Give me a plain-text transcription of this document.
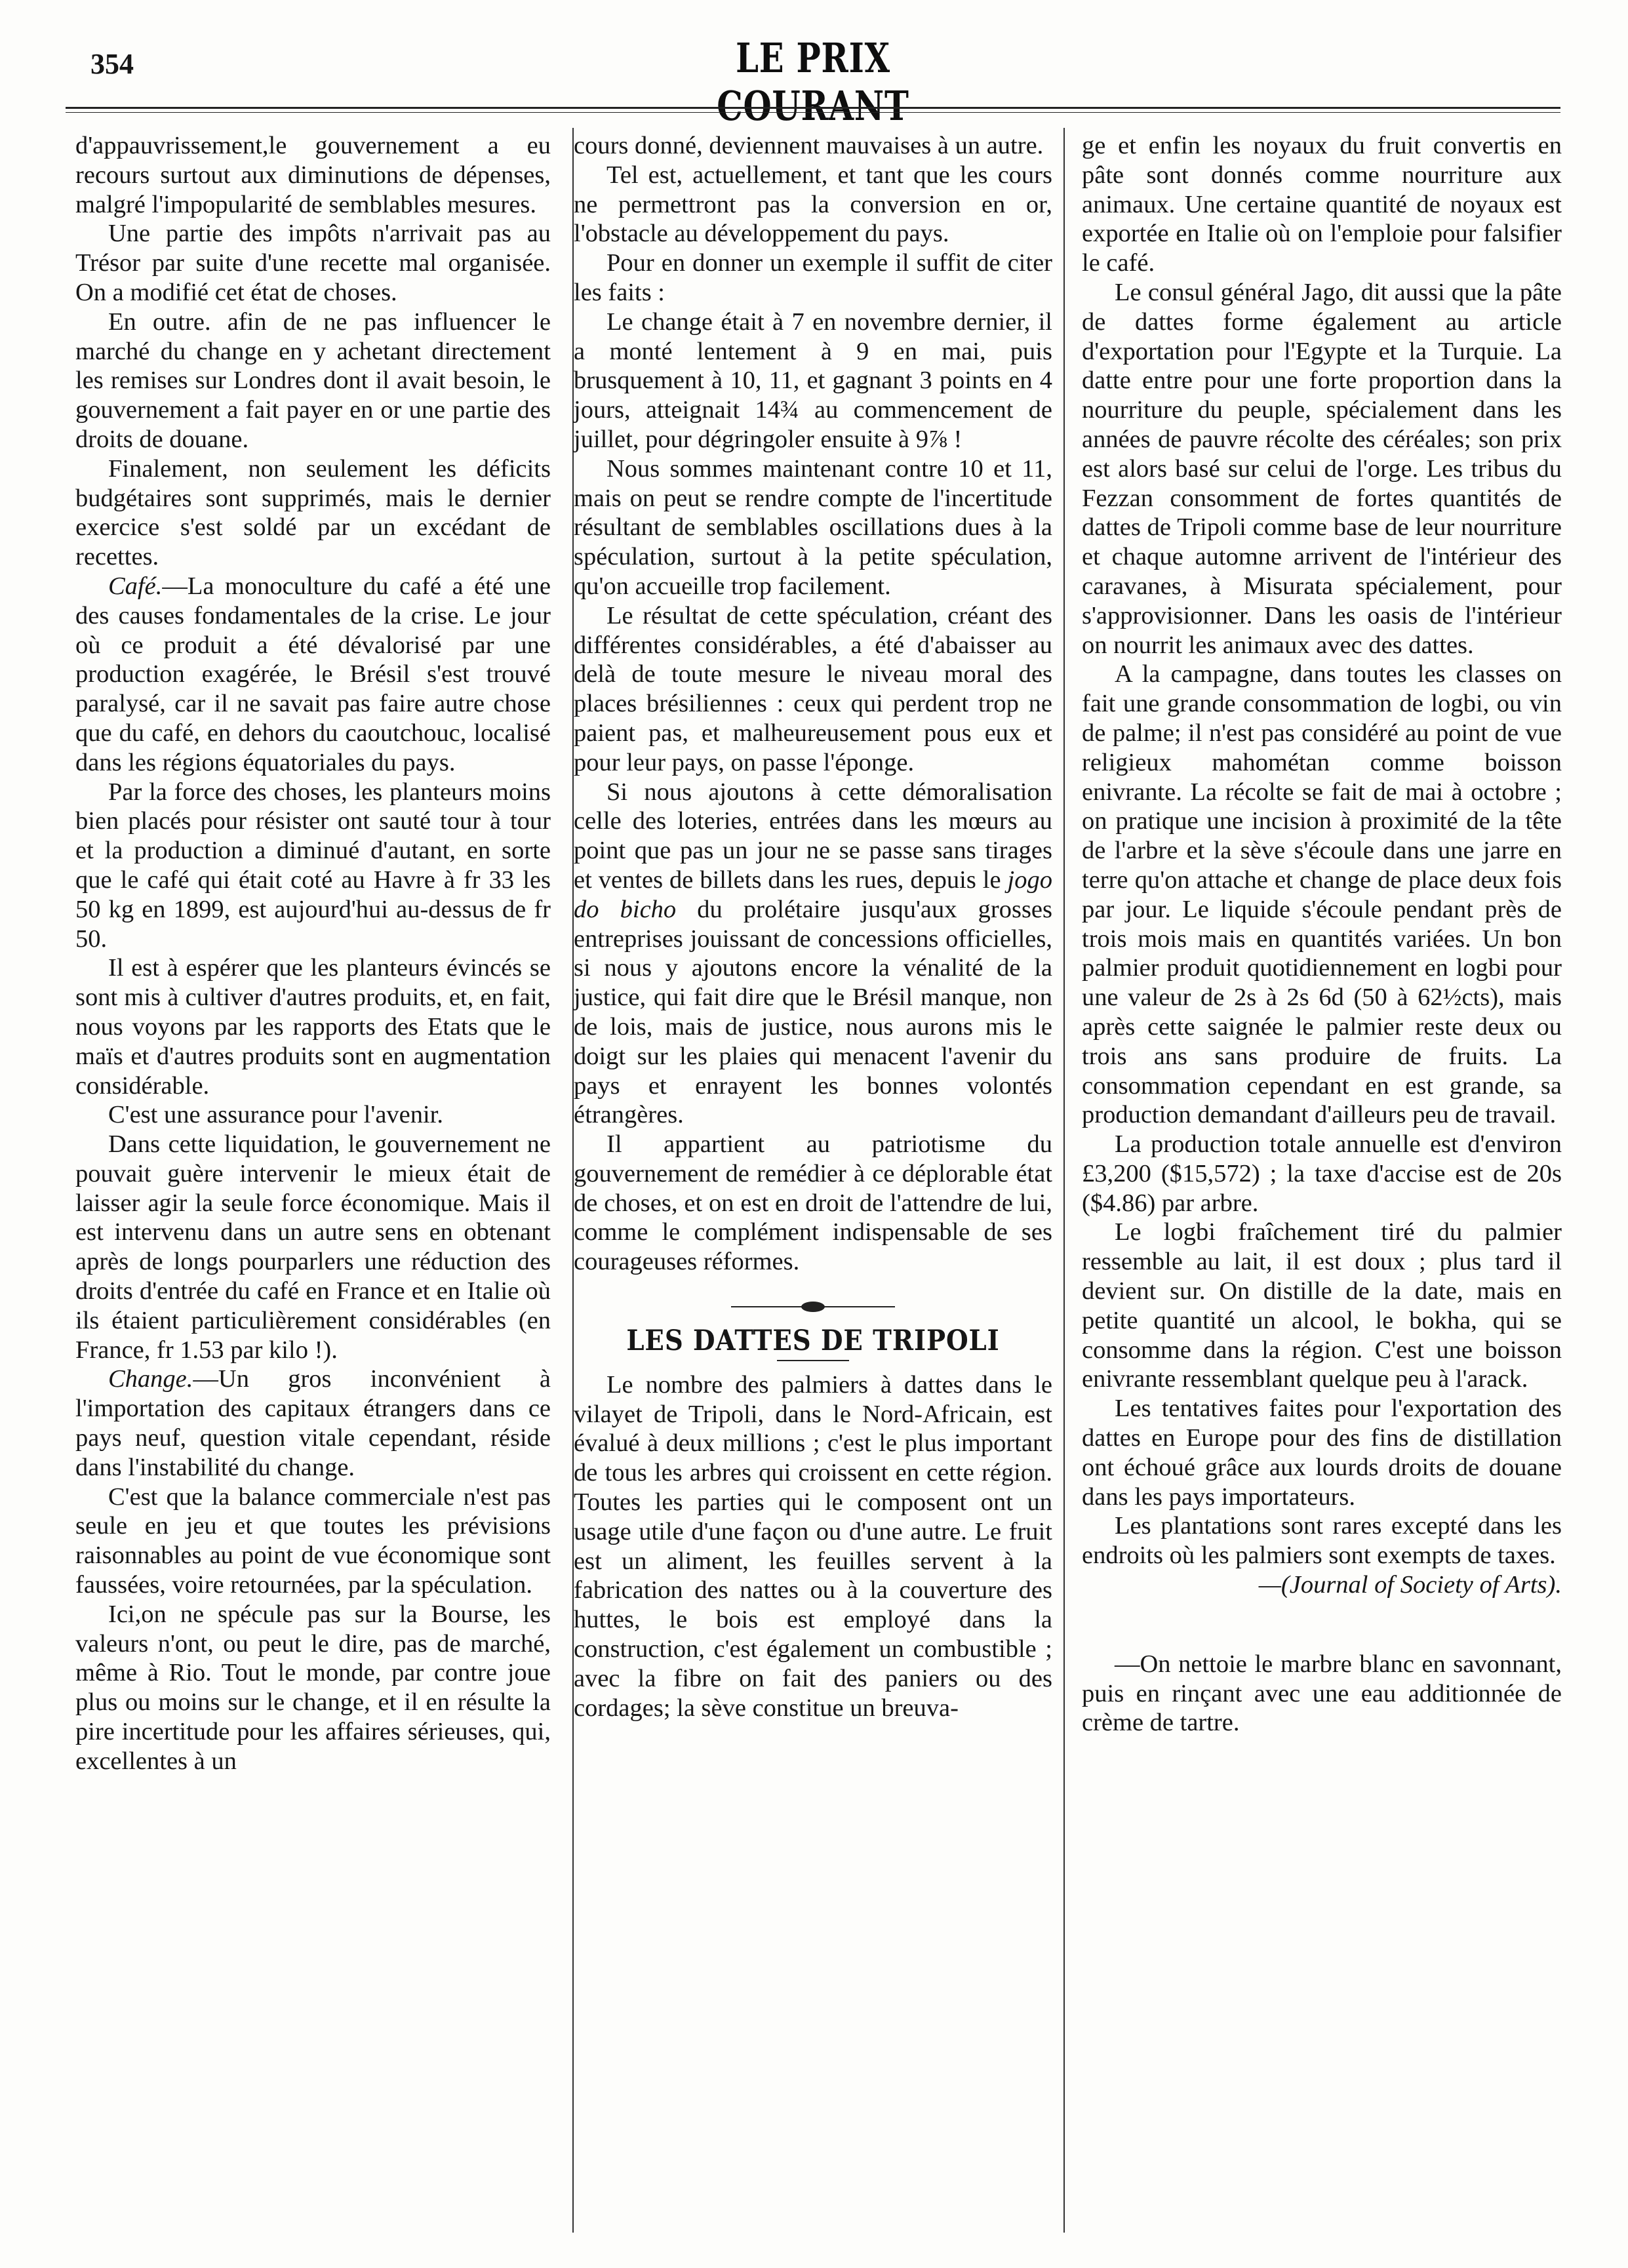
354	LE PRIX COURANT

d'appauvrissement,le gouvernement a eu recours surtout aux diminutions de dépenses, malgré l'impopularité de semblables mesures.

Une partie des impôts n'arrivait pas au Trésor par suite d'une recette mal organisée. On a modifié cet état de choses.

En outre. afin de ne pas influencer le marché du change en y achetant directement les remises sur Londres dont il avait besoin, le gouvernement a fait payer en or une partie des droits de douane.

Finalement, non seulement les déficits budgétaires sont supprimés, mais le dernier exercice s'est soldé par un excédant de recettes.

Café.—La monoculture du café a été une des causes fondamentales de la crise. Le jour où ce produit a été dévalorisé par une production exagérée, le Brésil s'est trouvé paralysé, car il ne savait pas faire autre chose que du café, en dehors du caoutchouc, localisé dans les régions équatoriales du pays.

Par la force des choses, les planteurs moins bien placés pour résister ont sauté tour à tour et la production a diminué d'autant, en sorte que le café qui était coté au Havre à fr 33 les 50 kg en 1899, est aujourd'hui au-dessus de fr 50.

Il est à espérer que les planteurs évincés se sont mis à cultiver d'autres produits, et, en fait, nous voyons par les rapports des Etats que le maïs et d'autres produits sont en augmentation considérable.

C'est une assurance pour l'avenir.

Dans cette liquidation, le gouvernement ne pouvait guère intervenir le mieux était de laisser agir la seule force économique. Mais il est intervenu dans un autre sens en obtenant après de longs pourparlers une réduction des droits d'entrée du café en France et en Italie où ils étaient particulièrement considérables (en France, fr 1.53 par kilo !).

Change.—Un gros inconvénient à l'importation des capitaux étrangers dans ce pays neuf, question vitale cependant, réside dans l'instabilité du change.

C'est que la balance commerciale n'est pas seule en jeu et que toutes les prévisions raisonnables au point de vue économique sont faussées, voire retournées, par la spéculation.

Ici,on ne spécule pas sur la Bourse, les valeurs n'ont, ou peut le dire, pas de marché, même à Rio. Tout le monde, par contre joue plus ou moins sur le change, et il en résulte la pire incertitude pour les affaires sérieuses, qui, excellentes à un

cours donné, deviennent mauvaises à un autre.

Tel est, actuellement, et tant que les cours ne permettront pas la conversion en or, l'obstacle au développement du pays.

Pour en donner un exemple il suffit de citer les faits :

Le change était à 7 en novembre dernier, il a monté lentement à 9 en mai, puis brusquement à 10, 11, et gagnant 3 points en 4 jours, atteignait 14¾ au commencement de juillet, pour dégringoler ensuite à 9⅞ !

Nous sommes maintenant contre 10 et 11, mais on peut se rendre compte de l'incertitude résultant de semblables oscillations dues à la spéculation, surtout à la petite spéculation, qu'on accueille trop facilement.

Le résultat de cette spéculation, créant des différentes considérables, a été d'abaisser au delà de toute mesure le niveau moral des places brésiliennes : ceux qui perdent trop ne paient pas, et malheureusement pous eux et pour leur pays, on passe l'éponge.

Si nous ajoutons à cette démoralisation celle des loteries, entrées dans les mœurs au point que pas un jour ne se passe sans tirages et ventes de billets dans les rues, depuis le jogo do bicho du prolétaire jusqu'aux grosses entreprises jouissant de concessions officielles, si nous y ajoutons encore la vénalité de la justice, qui fait dire que le Brésil manque, non de lois, mais de justice, nous aurons mis le doigt sur les plaies qui menacent l'avenir du pays et enrayent les bonnes volontés étrangères.

Il appartient au patriotisme du gouvernement de remédier à ce déplorable état de choses, et on est en droit de l'attendre de lui, comme le complément indispensable de ses courageuses réformes.

LES DATTES DE TRIPOLI

Le nombre des palmiers à dattes dans le vilayet de Tripoli, dans le Nord-Africain, est évalué à deux millions ; c'est le plus important de tous les arbres qui croissent en cette région. Toutes les parties qui le composent ont un usage utile d'une façon ou d'une autre. Le fruit est un aliment, les feuilles servent à la fabrication des nattes ou à la couverture des huttes, le bois est employé dans la construction, c'est également un combustible ; avec la fibre on fait des paniers ou des cordages; la sève constitue un breuva-

ge et enfin les noyaux du fruit convertis en pâte sont donnés comme nourriture aux animaux. Une certaine quantité de noyaux est exportée en Italie où on l'emploie pour falsifier le café.

Le consul général Jago, dit aussi que la pâte de dattes forme également au article d'exportation pour l'Egypte et la Turquie. La datte entre pour une forte proportion dans la nourriture du peuple, spécialement dans les années de pauvre récolte des céréales; son prix est alors basé sur celui de l'orge. Les tribus du Fezzan consomment de fortes quantités de dattes de Tripoli comme base de leur nourriture et chaque automne arrivent de l'intérieur des caravanes, à Misurata spécialement, pour s'approvisionner. Dans les oasis de l'intérieur on nourrit les animaux avec des dattes.

A la campagne, dans toutes les classes on fait une grande consommation de logbi, ou vin de palme; il n'est pas considéré au point de vue religieux mahométan comme boisson enivrante. La récolte se fait de mai à octobre ; on pratique une incision à proximité de la tête de l'arbre et la sève s'écoule dans une jarre en terre qu'on attache et change de place deux fois par jour. Le liquide s'écoule pendant près de trois mois mais en quantités variées. Un bon palmier produit quotidiennement en logbi pour une valeur de 2s à 2s 6d (50 à 62½cts), mais après cette saignée le palmier reste deux ou trois ans sans produire de fruits. La consommation cependant en est grande, sa production demandant d'ailleurs peu de travail.

La production totale annuelle est d'environ £3,200 ($15,572) ; la taxe d'accise est de 20s ($4.86) par arbre.

Le logbi fraîchement tiré du palmier ressemble au lait, il est doux ; plus tard il devient sur. On distille de la date, mais en petite quantité un alcool, le bokha, qui se consomme dans la région. C'est une boisson enivrante ressemblant quelque peu à l'arack.

Les tentatives faites pour l'exportation des dattes en Europe pour des fins de distillation ont échoué grâce aux lourds droits de douane dans les pays importateurs.

Les plantations sont rares excepté dans les endroits où les palmiers sont exempts de taxes.

—(Journal of Society of Arts).

—On nettoie le marbre blanc en savonnant, puis en rinçant avec une eau additionnée de crème de tartre.
